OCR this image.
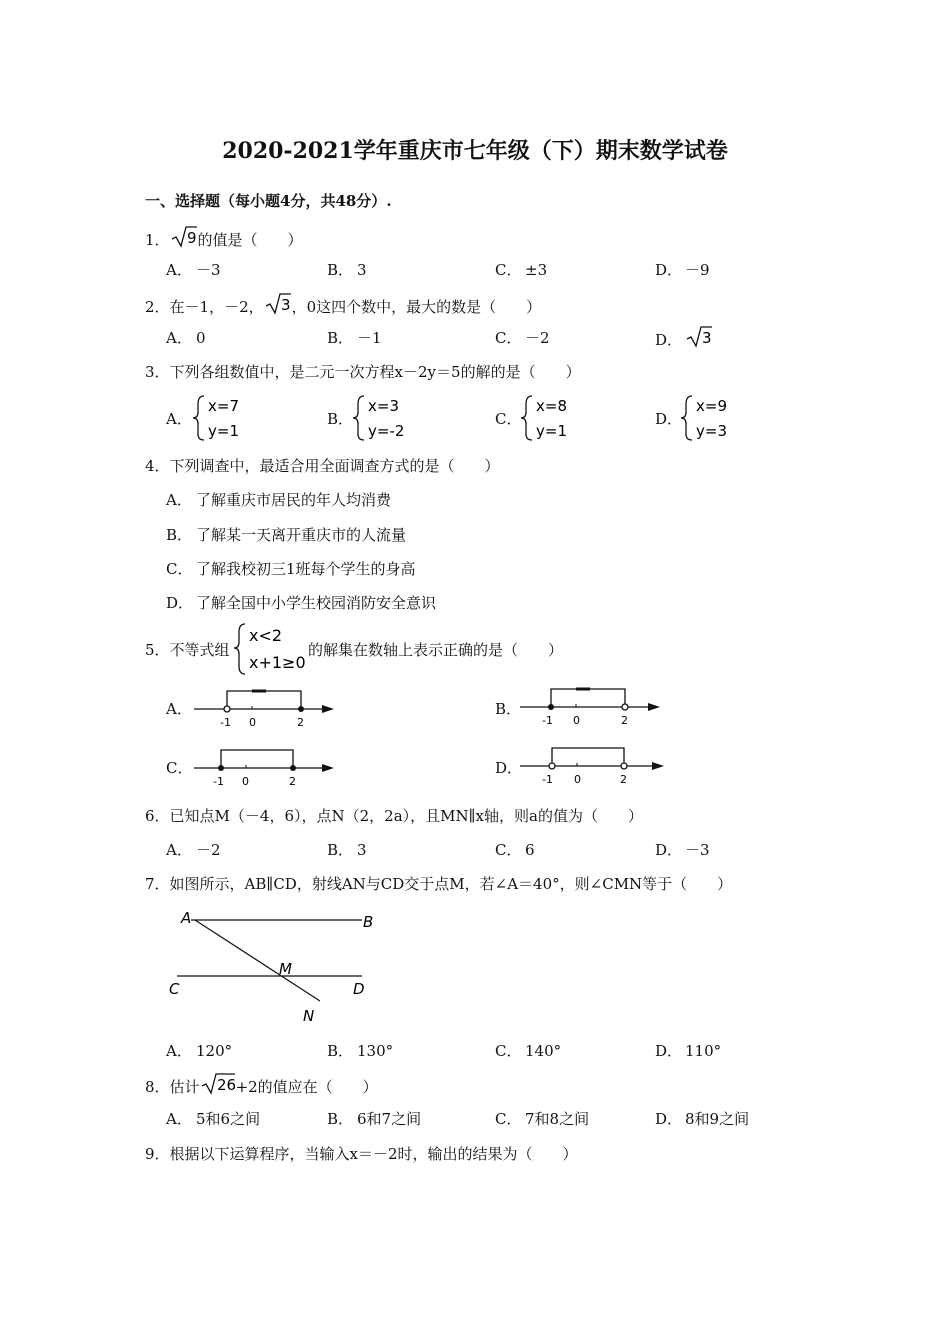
2020-2021学年重庆市七年级（下）期末数学试卷
一、选择题（每小题4分，共48分）.
1． 9 的值是（　　）
A． －3	B． 3	C． ±3	D． －9
2．在－1，－2， 3 ，0这四个数中，最大的数是（　　）
A． 0	B． －1	C． －2	D． 3
3．下列各组数值中，是二元一次方程x－2y＝5的解的是（　　）
A．	B．	C．	D．
x=7
y=1
x=3
y=-2
x=8
y=1
x=9
y=3
4．下列调查中，最适合用全面调查方式的是（　　）
A． 了解重庆市居民的年人均消费
B． 了解某一天离开重庆市的人流量
C． 了解我校初三1班每个学生的身高
D． 了解全国中小学生校园消防安全意识
5．不等式组
x<2
x+1≥0
的解集在数轴上表示正确的是（　　）
A．	B．
C．	D．
-1 0	2	-1 0	2
-1 0	2	-1 0	2
6．已知点M（－4，6），点N（2，2a），且MN∥x轴，则a的值为（　　）
A． －2	B． 3	C． 6	D． －3
7．如图所示，AB∥CD，射线AN与CD交于点M，若∠A＝40°，则∠CMN等于（　　）
A	B
C	D
M
N
A． 120°	B． 130°	C． 140°	D． 110°
8．估计 26 +2的值应在（　　）
A． 5和6之间	B． 6和7之间	C． 7和8之间	D． 8和9之间
9．根据以下运算程序，当输入x＝－2时，输出的结果为（　　）
